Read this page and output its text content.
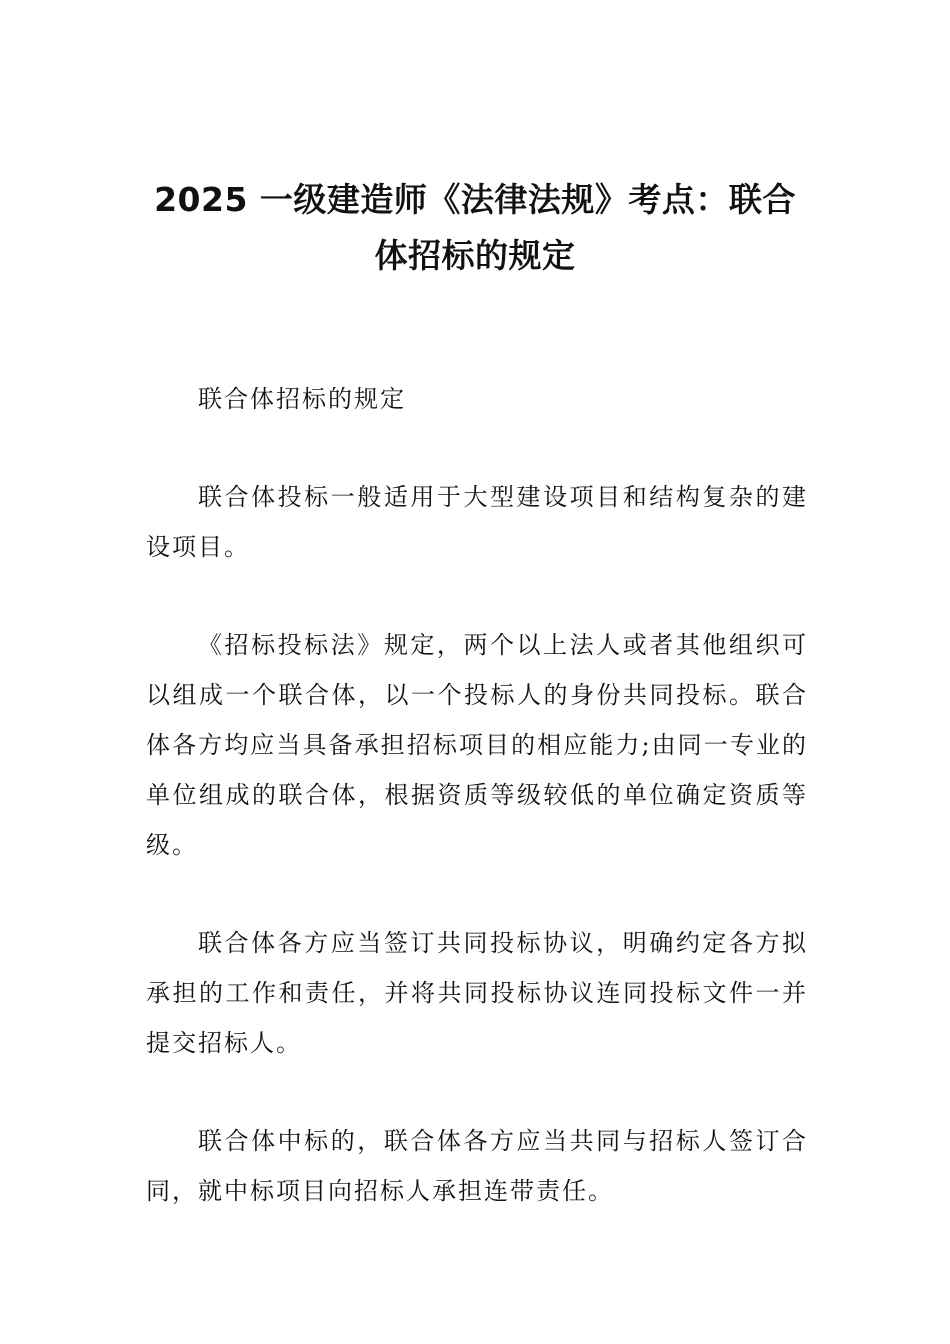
2025 一级建造师《法律法规》考点：联合
体招标的规定

联合体招标的规定

联合体投标一般适用于大型建设项目和结构复杂的建设项目。

《招标投标法》规定，两个以上法人或者其他组织可以组成一个联合体，以一个投标人的身份共同投标。联合体各方均应当具备承担招标项目的相应能力;由同一专业的单位组成的联合体，根据资质等级较低的单位确定资质等级。

联合体各方应当签订共同投标协议，明确约定各方拟承担的工作和责任，并将共同投标协议连同投标文件一并提交招标人。

联合体中标的，联合体各方应当共同与招标人签订合同，就中标项目向招标人承担连带责任。
